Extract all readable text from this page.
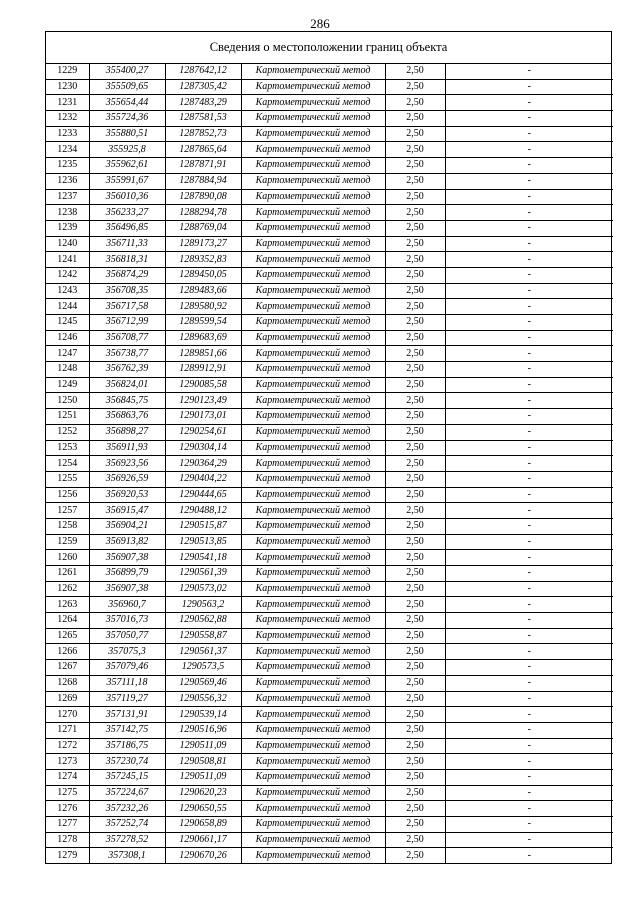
286
Сведения о местоположении границ объекта
1229	355400,27	1287642,12	Картометрический метод	2,50	-
1230	355509,65	1287305,42	Картометрический метод	2,50	-
1231	355654,44	1287483,29	Картометрический метод	2,50	-
1232	355724,36	1287581,53	Картометрический метод	2,50	-
1233	355880,51	1287852,73	Картометрический метод	2,50	-
1234	355925,8	1287865,64	Картометрический метод	2,50	-
1235	355962,61	1287871,91	Картометрический метод	2,50	-
1236	355991,67	1287884,94	Картометрический метод	2,50	-
1237	356010,36	1287890,08	Картометрический метод	2,50	-
1238	356233,27	1288294,78	Картометрический метод	2,50	-
1239	356496,85	1288769,04	Картометрический метод	2,50	-
1240	356711,33	1289173,27	Картометрический метод	2,50	-
1241	356818,31	1289352,83	Картометрический метод	2,50	-
1242	356874,29	1289450,05	Картометрический метод	2,50	-
1243	356708,35	1289483,66	Картометрический метод	2,50	-
1244	356717,58	1289580,92	Картометрический метод	2,50	-
1245	356712,99	1289599,54	Картометрический метод	2,50	-
1246	356708,77	1289683,69	Картометрический метод	2,50	-
1247	356738,77	1289851,66	Картометрический метод	2,50	-
1248	356762,39	1289912,91	Картометрический метод	2,50	-
1249	356824,01	1290085,58	Картометрический метод	2,50	-
1250	356845,75	1290123,49	Картометрический метод	2,50	-
1251	356863,76	1290173,01	Картометрический метод	2,50	-
1252	356898,27	1290254,61	Картометрический метод	2,50	-
1253	356911,93	1290304,14	Картометрический метод	2,50	-
1254	356923,56	1290364,29	Картометрический метод	2,50	-
1255	356926,59	1290404,22	Картометрический метод	2,50	-
1256	356920,53	1290444,65	Картометрический метод	2,50	-
1257	356915,47	1290488,12	Картометрический метод	2,50	-
1258	356904,21	1290515,87	Картометрический метод	2,50	-
1259	356913,82	1290513,85	Картометрический метод	2,50	-
1260	356907,38	1290541,18	Картометрический метод	2,50	-
1261	356899,79	1290561,39	Картометрический метод	2,50	-
1262	356907,38	1290573,02	Картометрический метод	2,50	-
1263	356960,7	1290563,2	Картометрический метод	2,50	-
1264	357016,73	1290562,88	Картометрический метод	2,50	-
1265	357050,77	1290558,87	Картометрический метод	2,50	-
1266	357075,3	1290561,37	Картометрический метод	2,50	-
1267	357079,46	1290573,5	Картометрический метод	2,50	-
1268	357111,18	1290569,46	Картометрический метод	2,50	-
1269	357119,27	1290556,32	Картометрический метод	2,50	-
1270	357131,91	1290539,14	Картометрический метод	2,50	-
1271	357142,75	1290516,96	Картометрический метод	2,50	-
1272	357186,75	1290511,09	Картометрический метод	2,50	-
1273	357230,74	1290508,81	Картометрический метод	2,50	-
1274	357245,15	1290511,09	Картометрический метод	2,50	-
1275	357224,67	1290620,23	Картометрический метод	2,50	-
1276	357232,26	1290650,55	Картометрический метод	2,50	-
1277	357252,74	1290658,89	Картометрический метод	2,50	-
1278	357278,52	1290661,17	Картометрический метод	2,50	-
1279	357308,1	1290670,26	Картометрический метод	2,50	-
